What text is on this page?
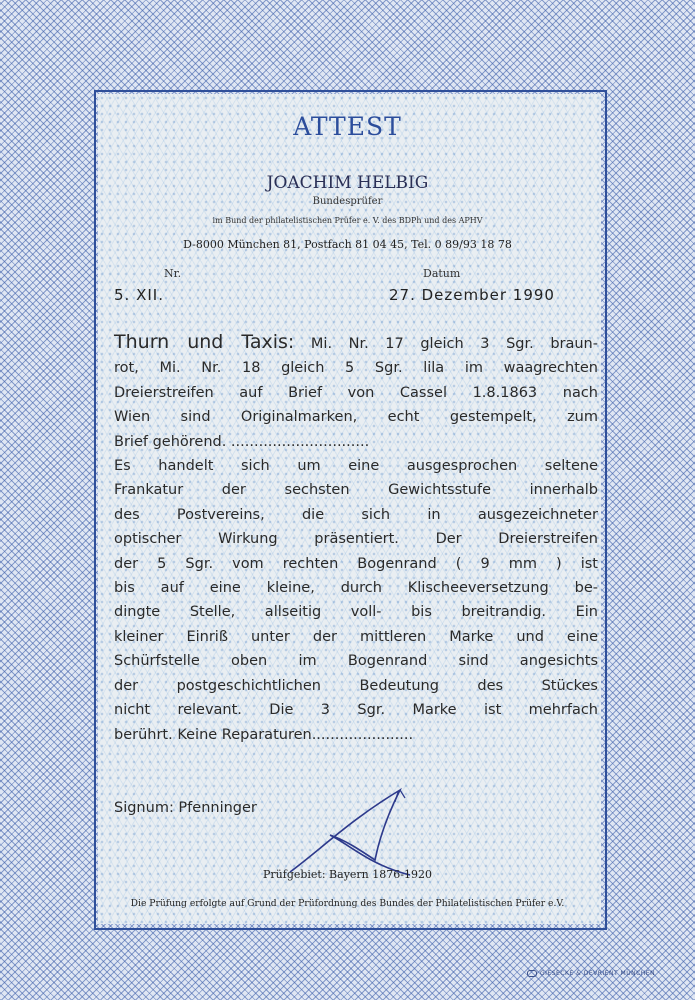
ATTEST
JOACHIM HELBIG
Bundesprüfer
im Bund der philatelistischen Prüfer e. V. des BDPh und des APHV
D-8000 München 81, Postfach 81 04 45, Tel. 0 89/93 18 78
Nr.	Datum
5. XII.	27. Dezember 1990
Thurn und Taxis: Mi. Nr. 17 gleich 3 Sgr. braun-
rot, Mi. Nr. 18 gleich 5 Sgr. lila im waagrechten
Dreierstreifen auf Brief von Cassel 1.8.1863 nach
Wien sind Originalmarken, echt gestempelt, zum
Brief gehörend. ..............................
Es handelt sich um eine ausgesprochen seltene
Frankatur der sechsten Gewichtsstufe innerhalb
des Postvereins, die sich in ausgezeichneter
optischer Wirkung präsentiert. Der Dreierstreifen
der 5 Sgr. vom rechten Bogenrand ( 9 mm ) ist
bis auf eine kleine, durch Klischeeversetzung be-
dingte Stelle, allseitig voll- bis breitrandig. Ein
kleiner Einriß unter der mittleren Marke und eine
Schürfstelle oben im Bogenrand sind angesichts
der postgeschichtlichen Bedeutung des Stückes
nicht relevant. Die 3 Sgr. Marke ist mehrfach
berührt. Keine Reparaturen......................
Signum: Pfenninger
Prüfgebiet: Bayern 1876-1920
Die Prüfung erfolgte auf Grund der Prüfordnung des Bundes der Philatelistischen Prüfer e.V.
GIESECKE & DEVRIENT MÜNCHEN
